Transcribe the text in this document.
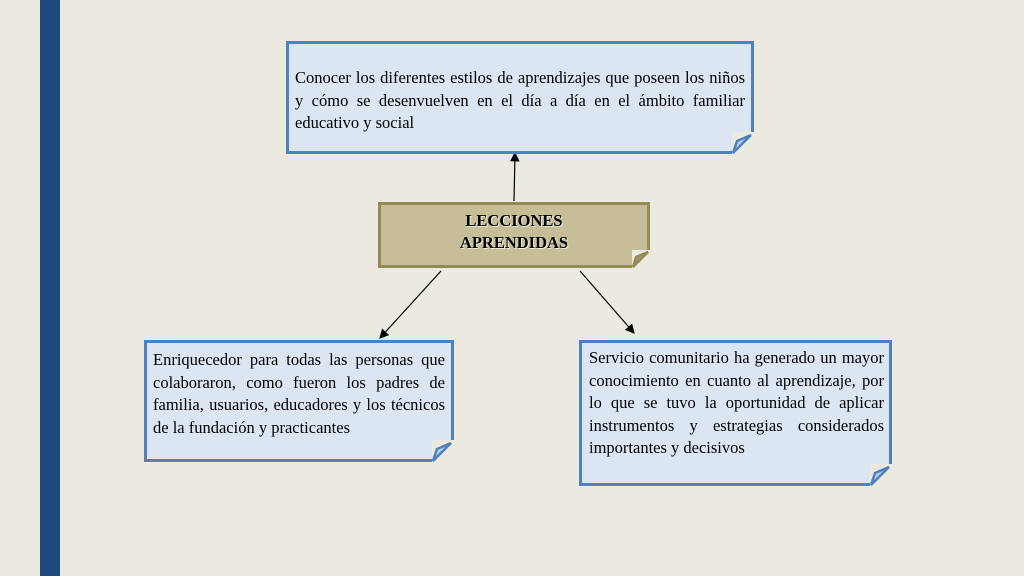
Conocer los diferentes estilos de aprendizajes que poseen los niños y cómo se desenvuelven en el día a día en el ámbito familiar educativo y social
LECCIONES
APRENDIDAS
Enriquecedor para todas las personas que colaboraron, como fueron los padres de familia, usuarios, educadores y los técnicos de la fundación y practicantes
Servicio comunitario ha generado un mayor conocimiento en cuanto al aprendizaje, por lo que se tuvo la oportunidad de aplicar instrumentos y estrategias considerados importantes y decisivos
